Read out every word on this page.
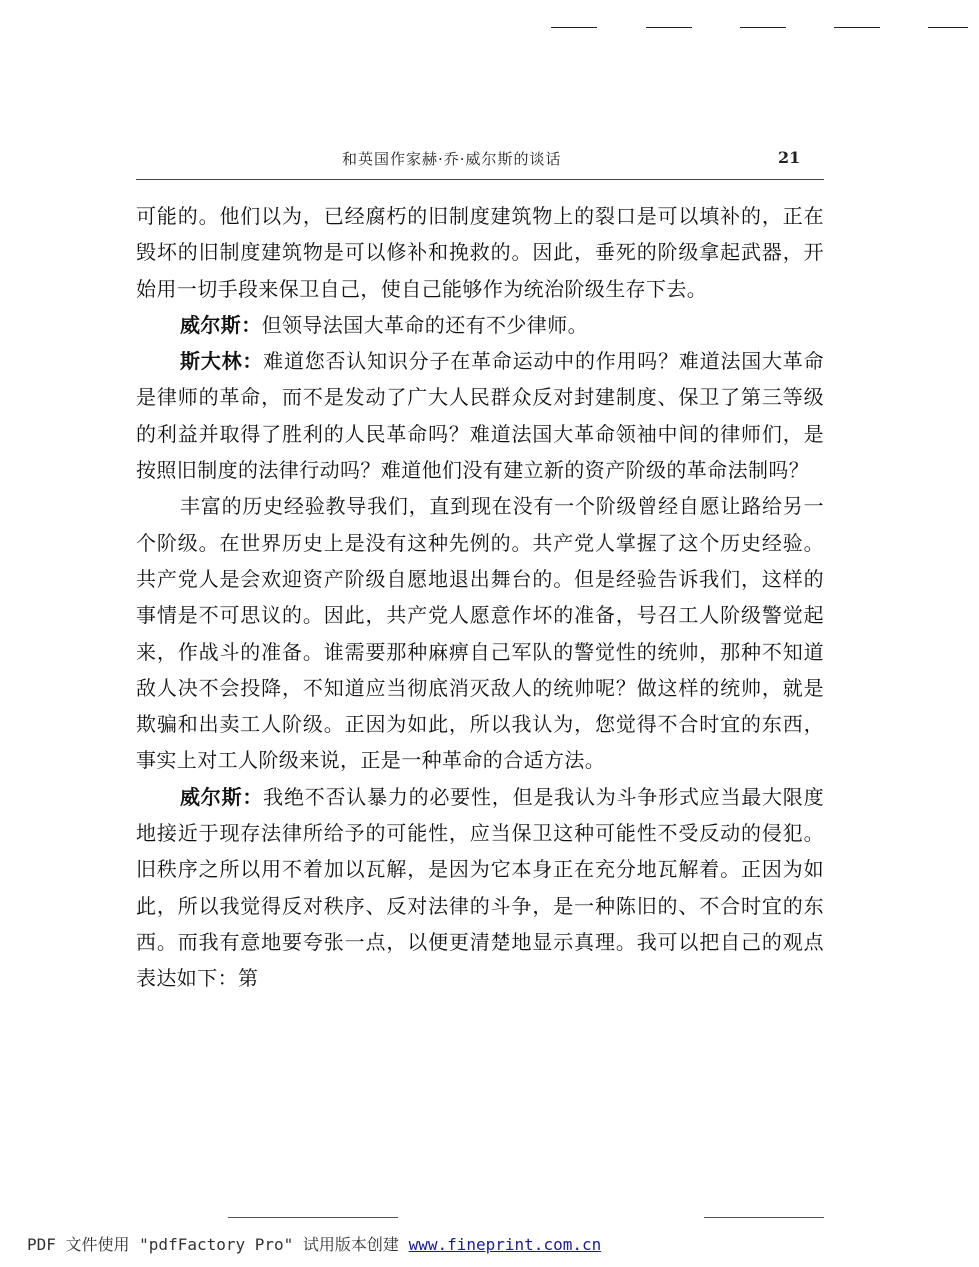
和英国作家赫·乔·威尔斯的谈话	21

可能的。他们以为，已经腐朽的旧制度建筑物上的裂口是可以填补的，正在毁坏的旧制度建筑物是可以修补和挽救的。因此，垂死的阶级拿起武器，开始用一切手段来保卫自己，使自己能够作为统治阶级生存下去。

威尔斯：但领导法国大革命的还有不少律师。

斯大林：难道您否认知识分子在革命运动中的作用吗？难道法国大革命是律师的革命，而不是发动了广大人民群众反对封建制度、保卫了第三等级的利益并取得了胜利的人民革命吗？难道法国大革命领袖中间的律师们，是按照旧制度的法律行动吗？难道他们没有建立新的资产阶级的革命法制吗？

丰富的历史经验教导我们，直到现在没有一个阶级曾经自愿让路给另一个阶级。在世界历史上是没有这种先例的。共产党人掌握了这个历史经验。共产党人是会欢迎资产阶级自愿地退出舞台的。但是经验告诉我们，这样的事情是不可思议的。因此，共产党人愿意作坏的准备，号召工人阶级警觉起来，作战斗的准备。谁需要那种麻痹自己军队的警觉性的统帅，那种不知道敌人决不会投降，不知道应当彻底消灭敌人的统帅呢？做这样的统帅，就是欺骗和出卖工人阶级。正因为如此，所以我认为，您觉得不合时宜的东西，事实上对工人阶级来说，正是一种革命的合适方法。

威尔斯：我绝不否认暴力的必要性，但是我认为斗争形式应当最大限度地接近于现存法律所给予的可能性，应当保卫这种可能性不受反动的侵犯。旧秩序之所以用不着加以瓦解，是因为它本身正在充分地瓦解着。正因为如此，所以我觉得反对秩序、反对法律的斗争，是一种陈旧的、不合时宜的东西。而我有意地要夸张一点，以便更清楚地显示真理。我可以把自己的观点表达如下：第

PDF 文件使用 "pdfFactory Pro" 试用版本创建 www.fineprint.com.cn
